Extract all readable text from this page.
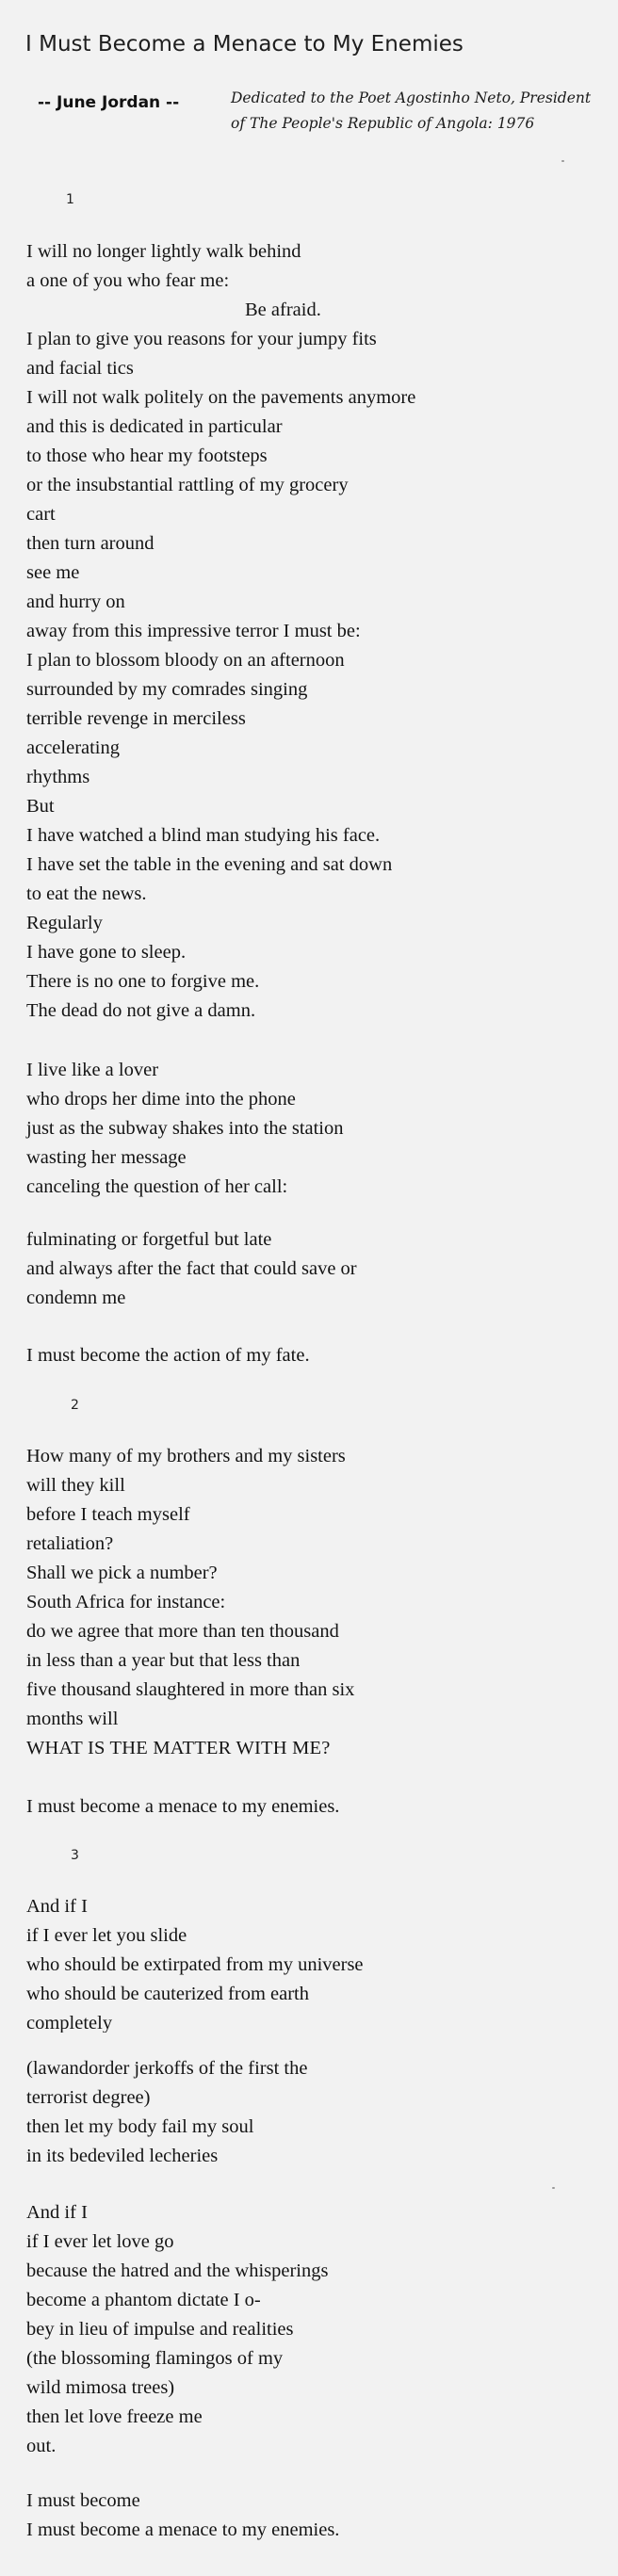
I Must Become a Menace to My Enemies
-- June Jordan --	Dedicated to the Poet Agostinho Neto, President
of The People's Republic of Angola: 1976
1
I will no longer lightly walk behind
a one of you who fear me:
Be afraid.
I plan to give you reasons for your jumpy fits
and facial tics
I will not walk politely on the pavements anymore
and this is dedicated in particular
to those who hear my footsteps
or the insubstantial rattling of my grocery
cart
then turn around
see me
and hurry on
away from this impressive terror I must be:
I plan to blossom bloody on an afternoon
surrounded by my comrades singing
terrible revenge in merciless
accelerating
rhythms
But
I have watched a blind man studying his face.
I have set the table in the evening and sat down
to eat the news.
Regularly
I have gone to sleep.
There is no one to forgive me.
The dead do not give a damn.
I live like a lover
who drops her dime into the phone
just as the subway shakes into the station
wasting her message
canceling the question of her call:
fulminating or forgetful but late
and always after the fact that could save or
condemn me
I must become the action of my fate.
2
How many of my brothers and my sisters
will they kill
before I teach myself
retaliation?
Shall we pick a number?
South Africa for instance:
do we agree that more than ten thousand
in less than a year but that less than
five thousand slaughtered in more than six
months will
WHAT IS THE MATTER WITH ME?
I must become a menace to my enemies.
3
And if I
if I ever let you slide
who should be extirpated from my universe
who should be cauterized from earth
completely
(lawandorder jerkoffs of the first the
terrorist degree)
then let my body fail my soul
in its bedeviled lecheries
And if I
if I ever let love go
because the hatred and the whisperings
become a phantom dictate I o-
bey in lieu of impulse and realities
(the blossoming flamingos of my
wild mimosa trees)
then let love freeze me
out.
I must become
I must become a menace to my enemies.
